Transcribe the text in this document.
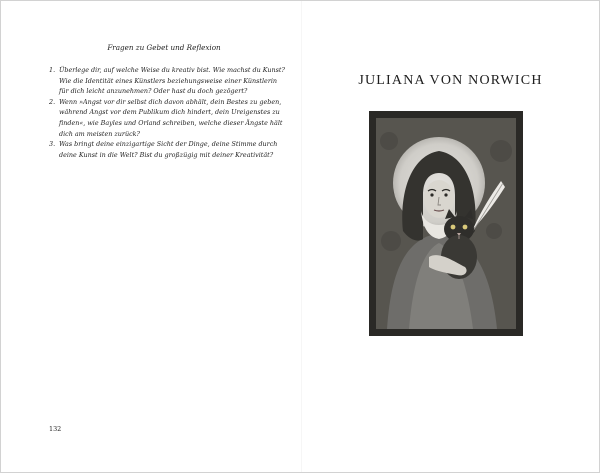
Fragen zu Gebet und Reflexion
1. Überlege dir, auf welche Weise du kreativ bist. Wie machst du Kunst? Wie die Identität eines Künstlers beziehungsweise einer Künstlerin für dich leicht anzunehmen? Oder hast du doch gezögert?
2. Wenn »Angst vor dir selbst dich davon abhält, dein Bestes zu geben, während Angst vor dem Publikum dich hindert, dein Ureigenstes zu finden«, wie Bayles und Orland schreiben, welche dieser Ängste hält dich am meisten zurück?
3. Was bringt deine einzigartige Sicht der Dinge, deine Stimme durch deine Kunst in die Welt? Bist du großzügig mit deiner Kreativität?
132
JULIANA VON NORWICH
